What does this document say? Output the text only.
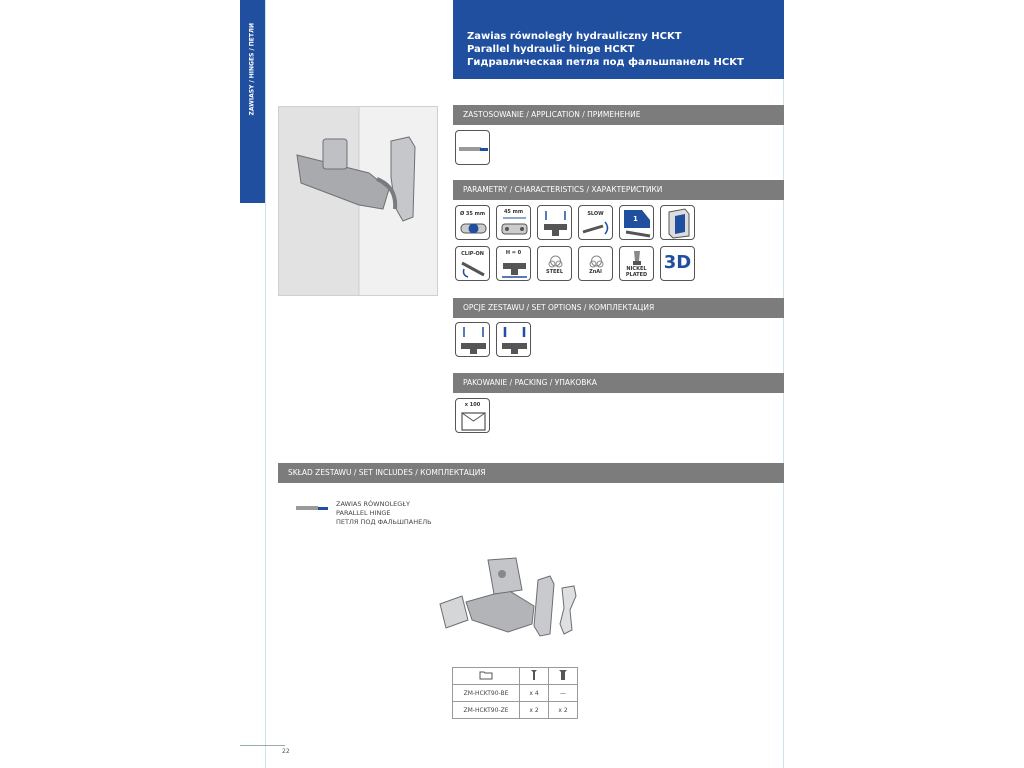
Zawias równoległy hydrauliczny HCKT
Parallel hydraulic hinge HCKT
Гидравлическая петля под фальшпанель HCKT
ZASTOSOWANIE / APPLICATION / ПРИМЕНЕНИЕ
PARAMETRY / CHARACTERISTICS / ХАРАКТЕРИСТИКИ
Ø 35 mm	45 mm	SLOW
1
CLIP-ON	H = 0
STEEL	ZnAl	NICKEL
PLATED
3D
OPCJE ZESTAWU / SET OPTIONS / КОМПЛЕКТАЦИЯ
PAKOWANIE / PACKING / УПАКОВКА
x 100
SKŁAD ZESTAWU / SET INCLUDES / КОМПЛЕКТАЦИЯ
ZAWIAS RÓWNOLEGŁY
PARALLEL HINGE
ПЕТЛЯ ПОД ФАЛЬШПАНЕЛЬ

ZM-HCKT90-BE	x 4	—
ZM-HCKT90-ZE	x 2	x 2
22
